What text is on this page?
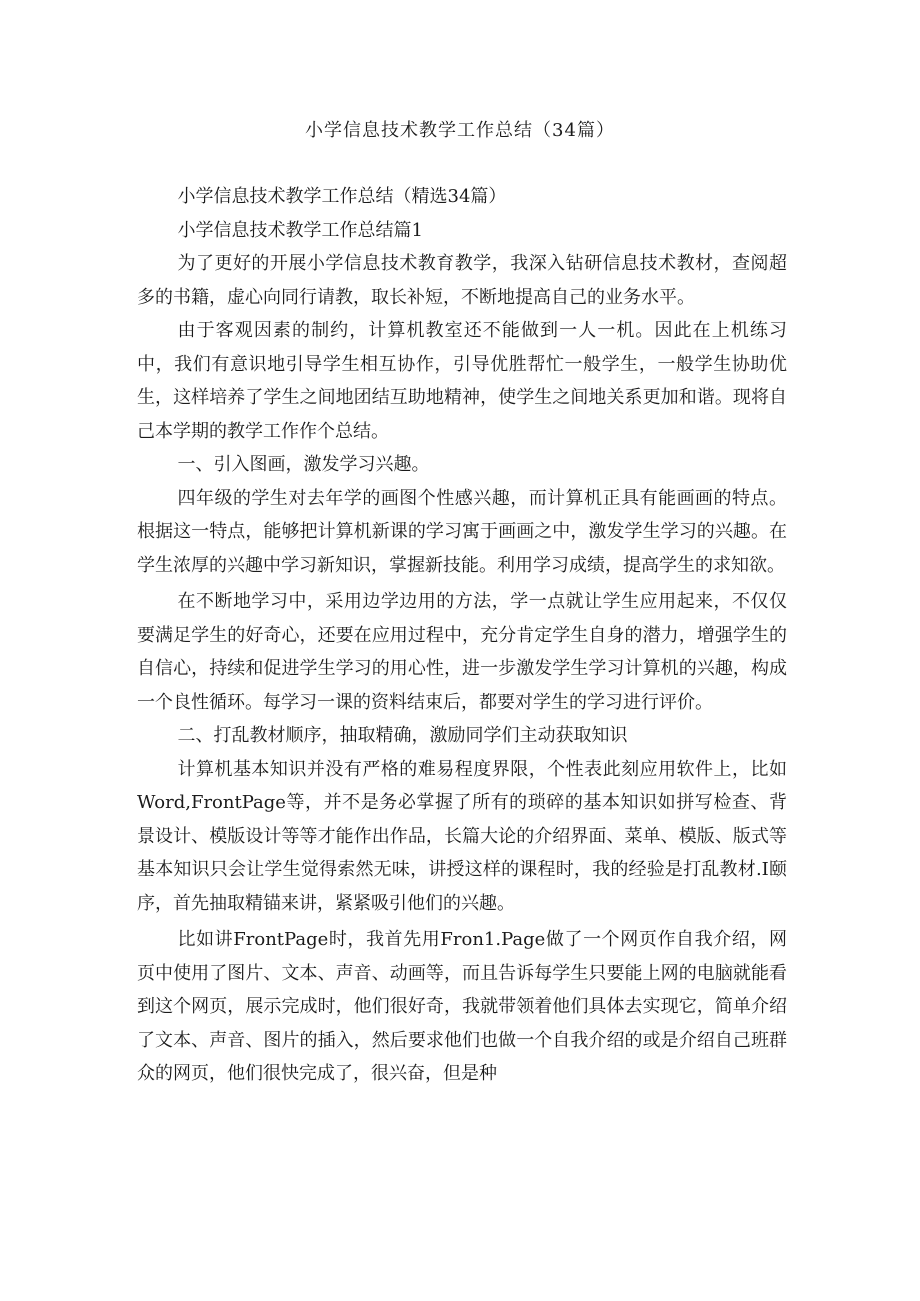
小学信息技术教学工作总结（34篇）

小学信息技术教学工作总结（精选34篇）

小学信息技术教学工作总结篇1

为了更好的开展小学信息技术教育教学，我深入钻研信息技术教材，查阅超多的书籍，虚心向同行请教，取长补短，不断地提高自己的业务水平。

由于客观因素的制约，计算机教室还不能做到一人一机。因此在上机练习中，我们有意识地引导学生相互协作，引导优胜帮忙一般学生，一般学生协助优生，这样培养了学生之间地团结互助地精神，使学生之间地关系更加和谐。现将自己本学期的教学工作作个总结。

一、引入图画，激发学习兴趣。

四年级的学生对去年学的画图个性感兴趣，而计算机正具有能画画的特点。根据这一特点，能够把计算机新课的学习寓于画画之中，激发学生学习的兴趣。在学生浓厚的兴趣中学习新知识，掌握新技能。利用学习成绩，提高学生的求知欲。

在不断地学习中，采用边学边用的方法，学一点就让学生应用起来，不仅仅要满足学生的好奇心，还要在应用过程中，充分肯定学生自身的潜力，增强学生的自信心，持续和促进学生学习的用心性，进一步激发学生学习计算机的兴趣，构成一个良性循环。每学习一课的资料结束后，都要对学生的学习进行评价。

二、打乱教材顺序，抽取精确，激励同学们主动获取知识

计算机基本知识并没有严格的难易程度界限，个性表此刻应用软件上，比如Word,FrontPage等，并不是务必掌握了所有的琐碎的基本知识如拼写检查、背景设计、模版设计等等才能作出作品，长篇大论的介绍界面、菜单、模版、版式等基本知识只会让学生觉得索然无味，讲授这样的课程时，我的经验是打乱教材.I颐序，首先抽取精锚来讲，紧紧吸引他们的兴趣。

比如讲FrontPage时，我首先用Fron1.Page做了一个网页作自我介绍，网页中使用了图片、文本、声音、动画等，而且告诉每学生只要能上网的电脑就能看到这个网页，展示完成时，他们很好奇，我就带领着他们具体去实现它，简单介绍了文本、声音、图片的插入，然后要求他们也做一个自我介绍的或是介绍自己班群众的网页，他们很快完成了，很兴奋，但是种
